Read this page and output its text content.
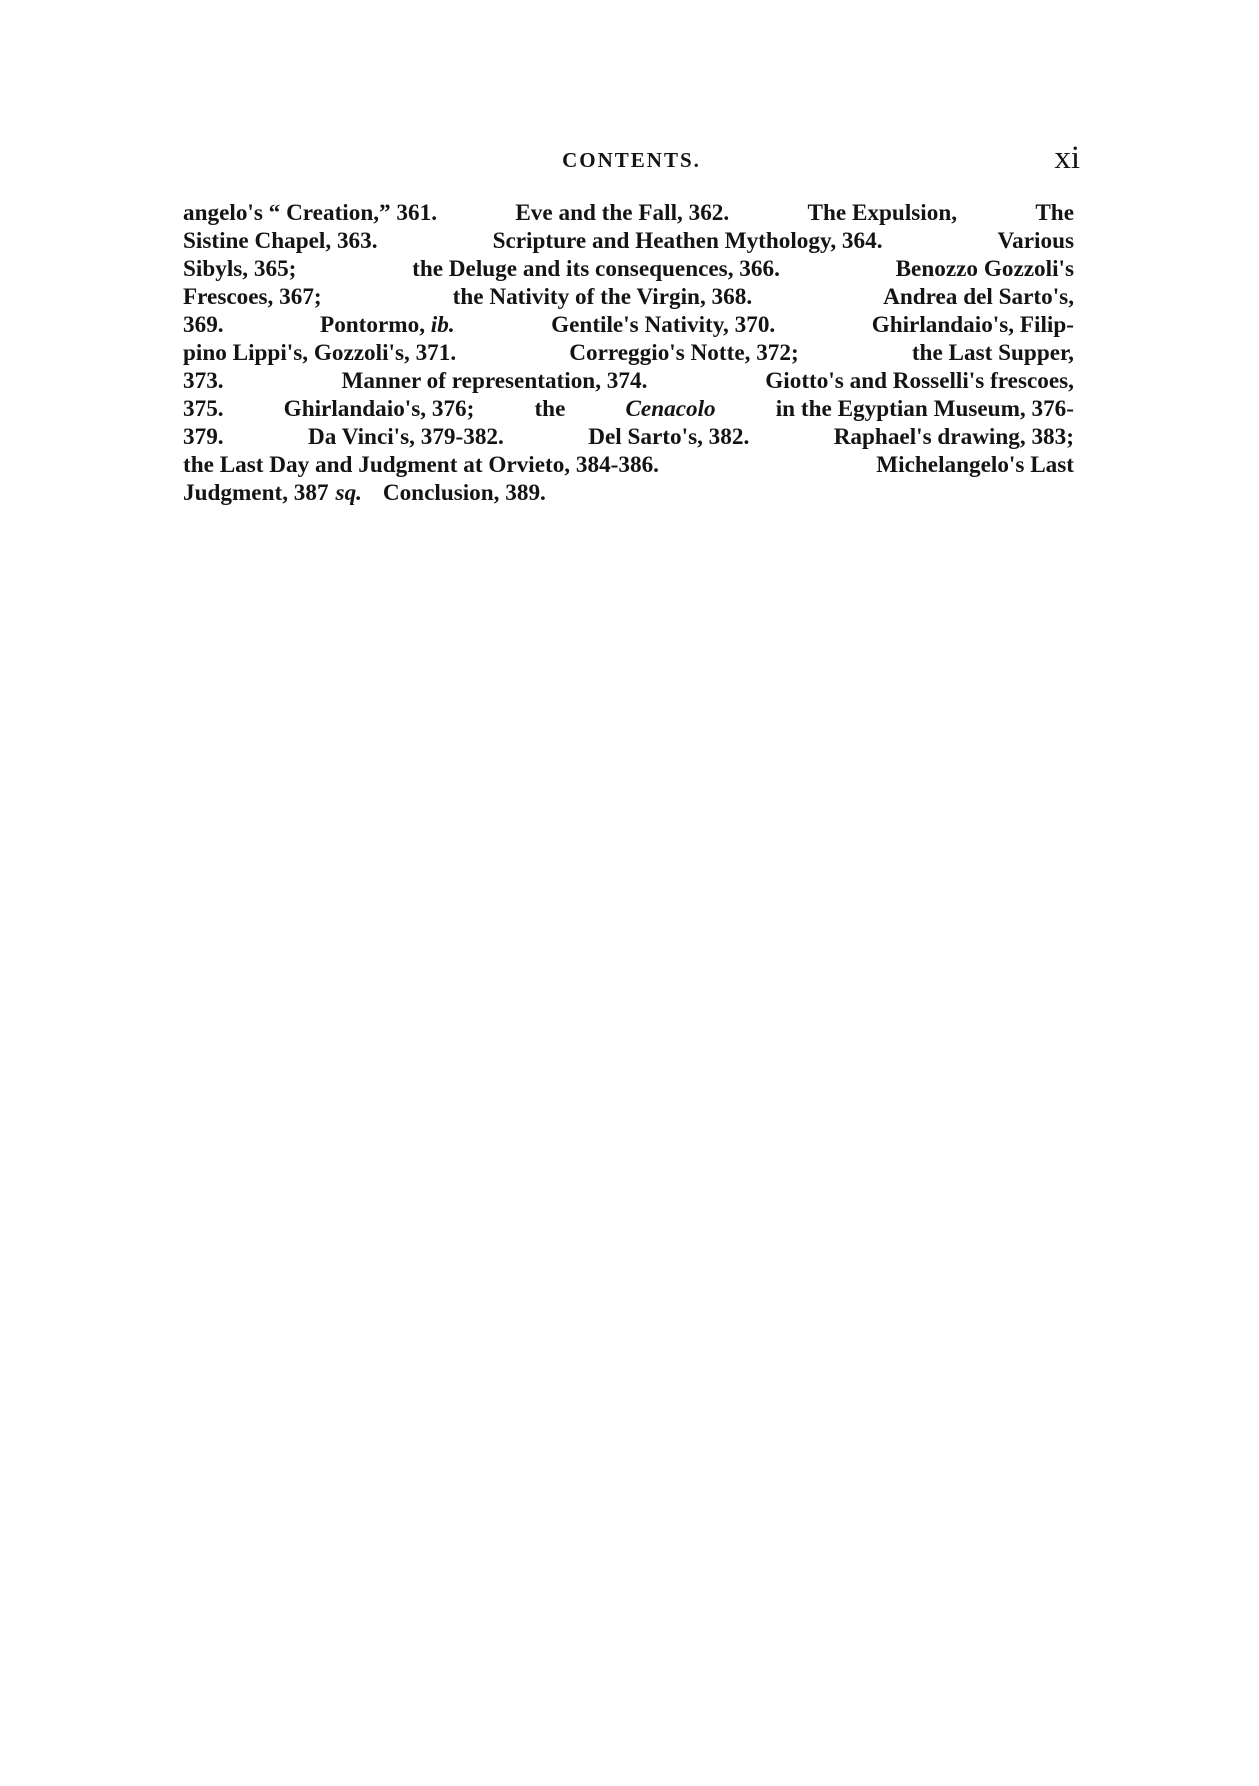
CONTENTS.	xi
angelo's “ Creation,” 361.	Eve and the Fall, 362.	The Expulsion,	The
Sistine Chapel, 363.	Scripture and Heathen Mythology, 364.	Various
Sibyls, 365;	the Deluge and its consequences, 366.	Benozzo Gozzoli's
Frescoes, 367;	the Nativity of the Virgin, 368.	Andrea del Sarto's,
369.	Pontormo, ib.	Gentile's Nativity, 370.	Ghirlandaio's, Filip-
pino Lippi's, Gozzoli's, 371.	Correggio's Notte, 372;	the Last Supper,
373.	Manner of representation, 374.	Giotto's and Rosselli's frescoes,
375.	Ghirlandaio's, 376;	the	Cenacolo	in the Egyptian Museum, 376-
379.	Da Vinci's, 379-382.	Del Sarto's, 382.	Raphael's drawing, 383;
the Last Day and Judgment at Orvieto, 384-386.	Michelangelo's Last
Judgment, 387 sq. Conclusion, 389.
